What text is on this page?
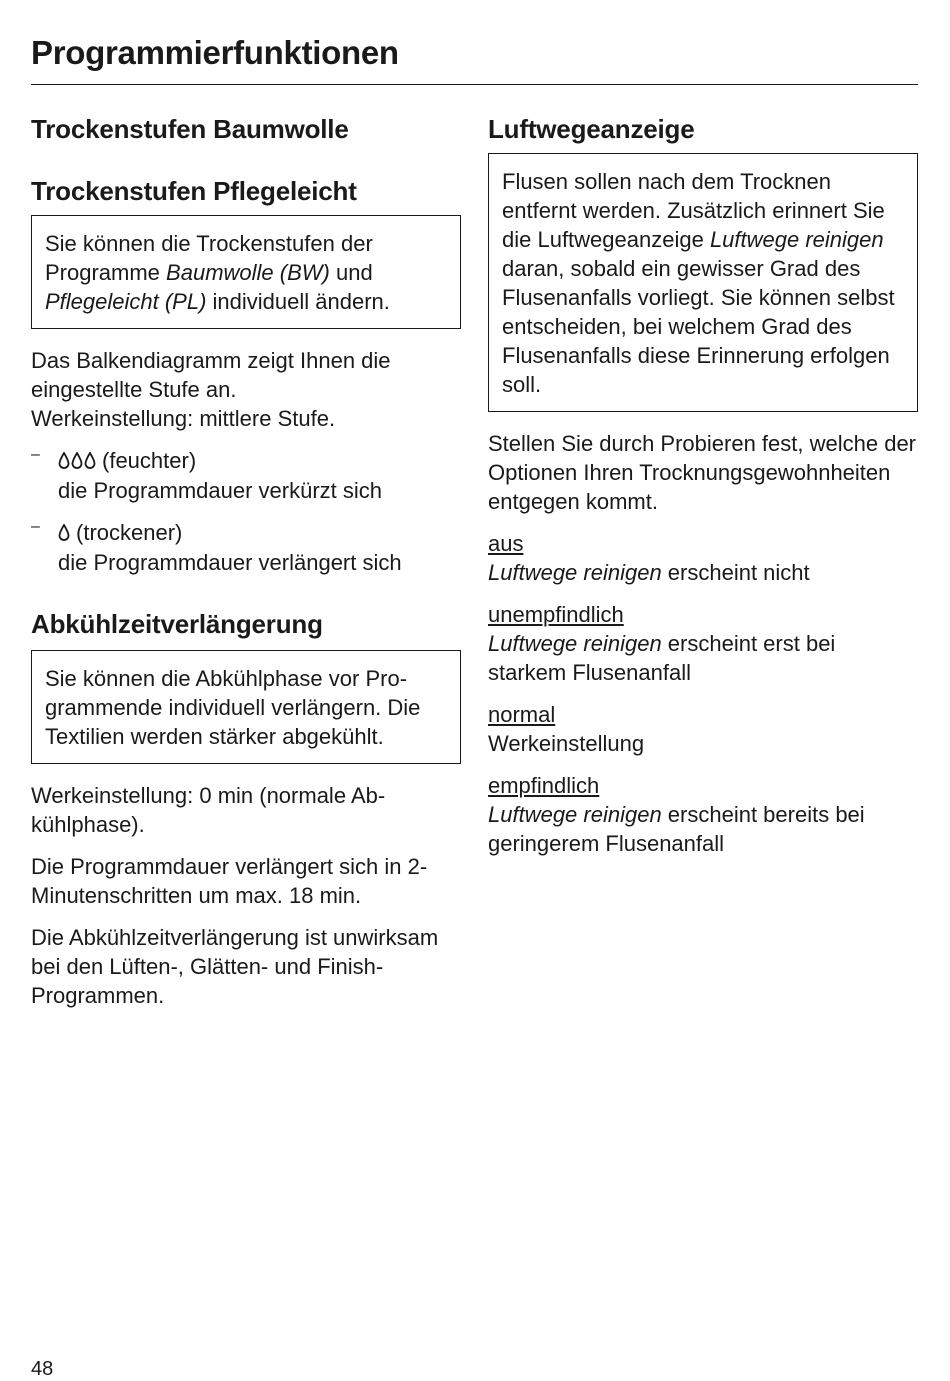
Programmierfunktionen
Trockenstufen Baumwolle
Trockenstufen Pflegeleicht
Sie können die Trockenstufen der Programme Baumwolle (BW) und Pflegeleicht (PL) individuell ändern.

Das Balkendiagramm zeigt Ihnen die eingestellte Stufe an.

Werkeinstellung: mittlere Stufe.

–	(feuchter)

die Programmdauer verkürzt sich

–	(trockener)

die Programmdauer verlängert sich

Abkühlzeitverlängerung
Sie können die Abkühlphase vor Programmende individuell verlängern. Die Textilien werden stärker abgekühlt.

Werkeinstellung: 0 min (normale Abkühlphase).

Die Programmdauer verlängert sich in 2-Minutenschritten um max. 18 min.

Die Abkühlzeitverlängerung ist unwirksam bei den Lüften-, Glätten- und Finish-Programmen.

Luftwegeanzeige
Flusen sollen nach dem Trocknen entfernt werden. Zusätzlich erinnert Sie die Luftwegeanzeige Luftwege reinigen daran, sobald ein gewisser Grad des Flusenanfalls vorliegt. Sie können selbst entscheiden, bei welchem Grad des Flusenanfalls diese Erinnerung erfolgen soll.

Stellen Sie durch Probieren fest, welche der Optionen Ihren Trocknungsgewohnheiten entgegen kommt.

aus

Luftwege reinigen erscheint nicht

unempfindlich

Luftwege reinigen erscheint erst bei starkem Flusenanfall

normal

Werkeinstellung

empfindlich

Luftwege reinigen erscheint bereits bei geringerem Flusenanfall

48
